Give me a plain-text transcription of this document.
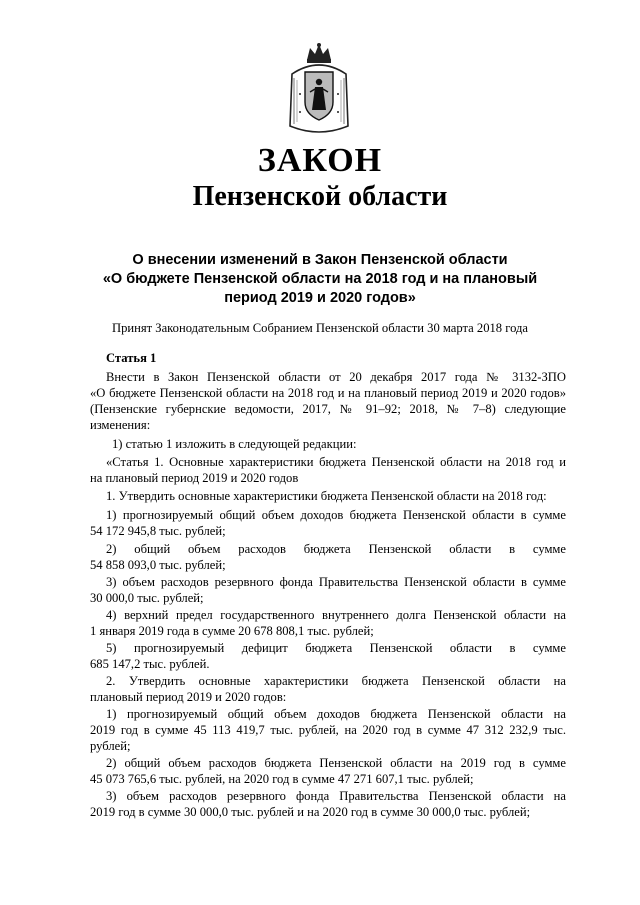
ЗАКОН
Пензенской области
О внесении изменений в Закон Пензенской области
«О бюджете Пензенской области на 2018 год и на плановый
период 2019 и 2020 годов»
Принят Законодательным Собранием Пензенской области 30 марта 2018 года
Статья 1
Внести в Закон Пензенской области от 20 декабря 2017 года № 3132-ЗПО
«О бюджете Пензенской области на 2018 год и на плановый период 2019 и 2020 годов»
(Пензенские губернские ведомости, 2017, № 91–92; 2018, № 7–8) следующие
изменения:
1) статью 1 изложить в следующей редакции:
«Статья 1. Основные характеристики бюджета Пензенской области на 2018 год и
на плановый период 2019 и 2020 годов
1. Утвердить основные характеристики бюджета Пензенской области на 2018 год:
1) прогнозируемый общий объем доходов бюджета Пензенской области в сумме
54 172 945,8 тыс. рублей;
2) общий объем расходов бюджета Пензенской области в сумме
54 858 093,0 тыс. рублей;
3) объем расходов резервного фонда Правительства Пензенской области в сумме
30 000,0 тыс. рублей;
4) верхний предел государственного внутреннего долга Пензенской области на
1 января 2019 года в сумме 20 678 808,1 тыс. рублей;
5) прогнозируемый дефицит бюджета Пензенской области в сумме
685 147,2 тыс. рублей.
2. Утвердить основные характеристики бюджета Пензенской области на
плановый период 2019 и 2020 годов:
1) прогнозируемый общий объем доходов бюджета Пензенской области на
2019 год в сумме 45 113 419,7 тыс. рублей, на 2020 год в сумме 47 312 232,9 тыс.
рублей;
2) общий объем расходов бюджета Пензенской области на 2019 год в сумме
45 073 765,6 тыс. рублей, на 2020 год в сумме 47 271 607,1 тыс. рублей;
3) объем расходов резервного фонда Правительства Пензенской области на
2019 год в сумме 30 000,0 тыс. рублей и на 2020 год в сумме 30 000,0 тыс. рублей;
